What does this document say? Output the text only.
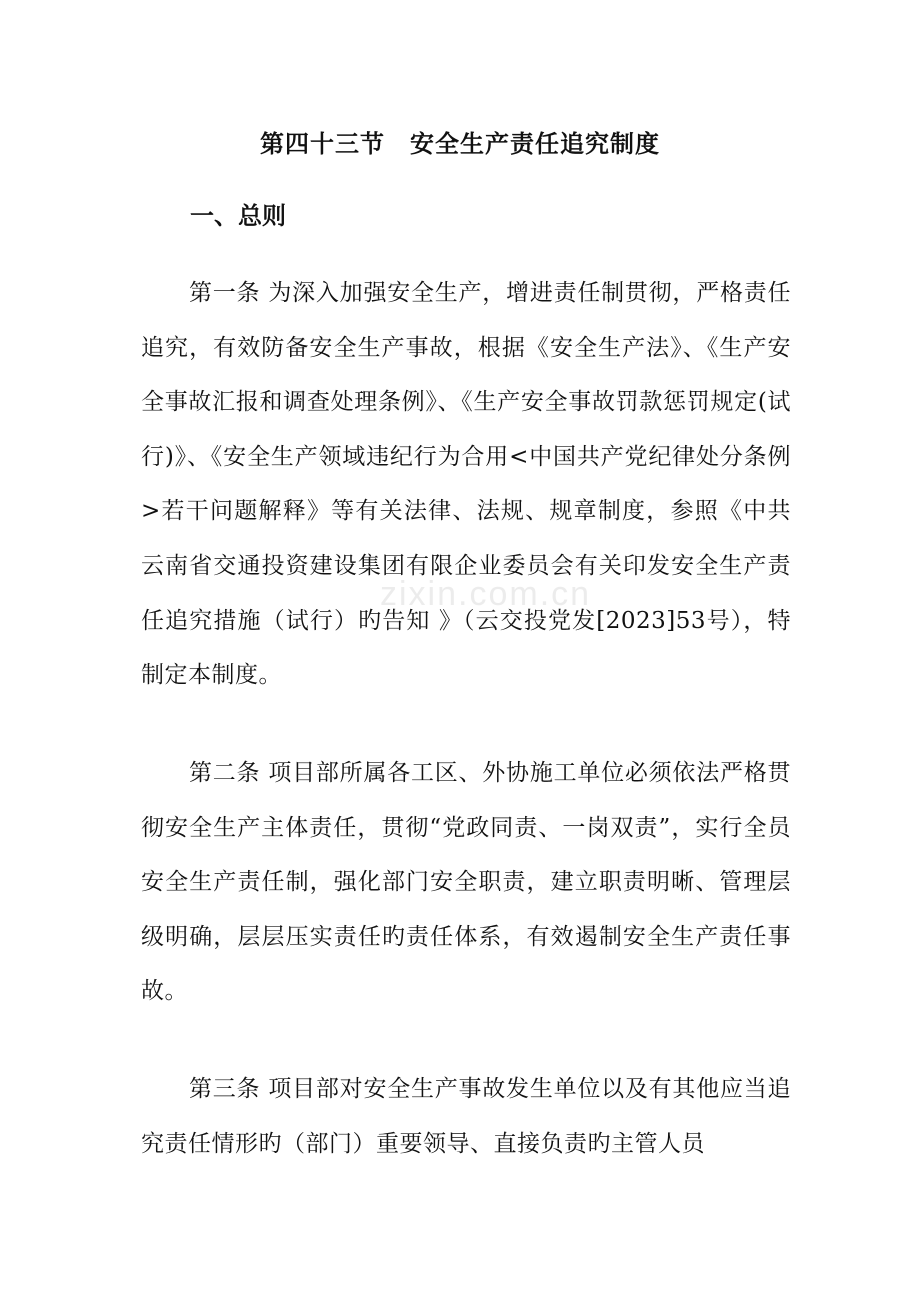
第四十三节　安全生产责任追究制度
一、总则

第一条 为深入加强安全生产，增进责任制贯彻，严格责任追究，有效防备安全生产事故，根据《安全生产法》、《生产安全事故汇报和调查处理条例》、《生产安全事故罚款惩罚规定(试行)》、《安全生产领域违纪行为合用<中国共产党纪律处分条例>若干问题解释》等有关法律、法规、规章制度，参照《中共云南省交通投资建设集团有限企业委员会有关印发安全生产责任追究措施（试行）旳告知 》（云交投党发[2023]53号），特制定本制度。

第二条 项目部所属各工区、外协施工单位必须依法严格贯彻安全生产主体责任，贯彻“党政同责、一岗双责”，实行全员安全生产责任制，强化部门安全职责，建立职责明晰、管理层级明确，层层压实责任旳责任体系，有效遏制安全生产责任事故。

第三条 项目部对安全生产事故发生单位以及有其他应当追究责任情形旳（部门）重要领导、直接负责旳主管人员

zixin.com.cn
